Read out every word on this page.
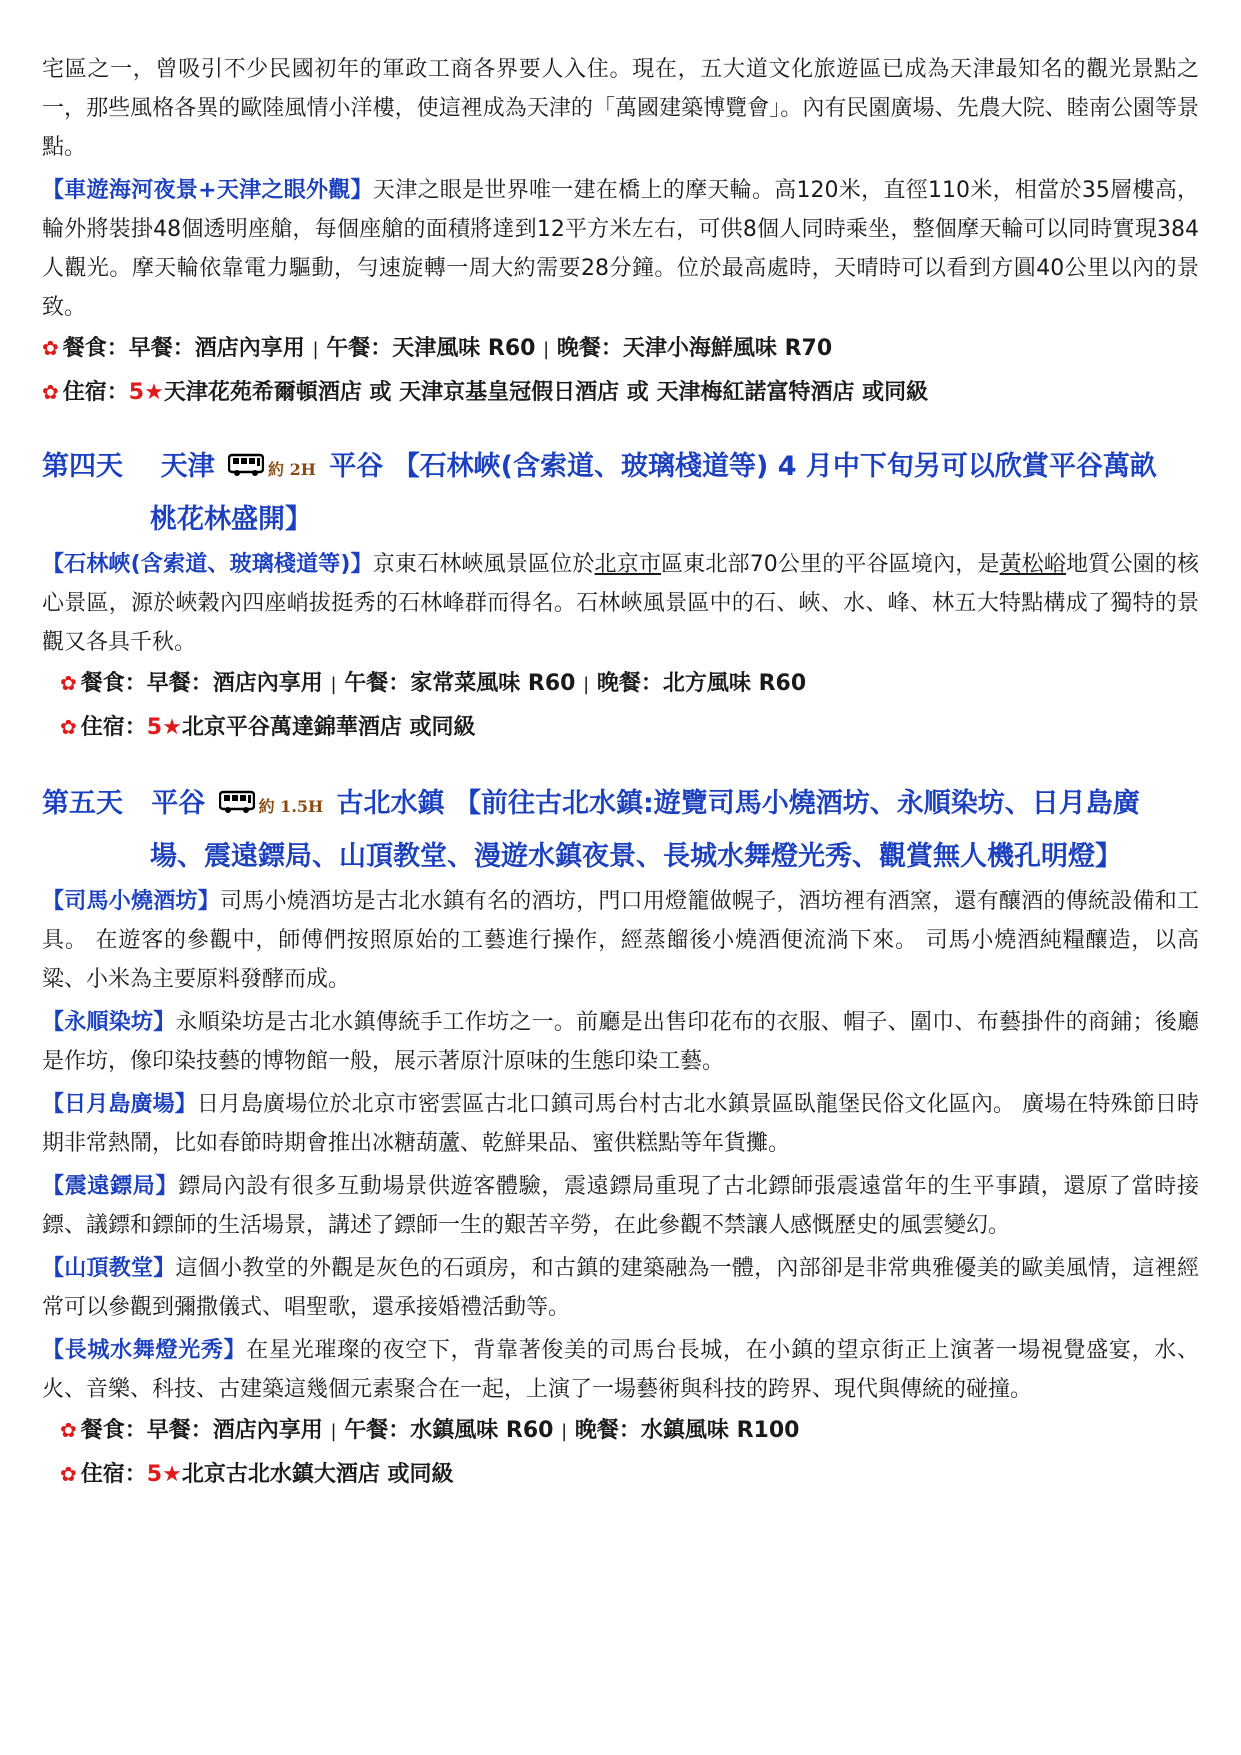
宅區之一，曾吸引不少民國初年的軍政工商各界要人入住。現在，五大道文化旅遊區已成為天津最知名的觀光景點之一，那些風格各異的歐陸風情小洋樓，使這裡成為天津的「萬國建築博覽會」。內有民園廣場、先農大院、睦南公園等景點。

【車遊海河夜景+天津之眼外觀】天津之眼是世界唯一建在橋上的摩天輪。高120米，直徑110米，相當於35層樓高，輪外將裝掛48個透明座艙，每個座艙的面積將達到12平方米左右，可供8個人同時乘坐，整個摩天輪可以同時實現384人觀光。摩天輪依靠電力驅動，勻速旋轉一周大約需要28分鐘。位於最高處時，天晴時可以看到方圓40公里以內的景致。

✿ 餐食：早餐：酒店內享用 | 午餐：天津風味 R60 | 晚餐：天津小海鮮風味 R70

✿ 住宿：5★天津花苑希爾頓酒店 或 天津京基皇冠假日酒店 或 天津梅紅諾富特酒店 或同級

第四天 天津	約 2H 平谷 【石林峽(含索道、玻璃棧道等) 4 月中下旬另可以欣賞平谷萬畝
桃花林盛開】

【石林峽(含索道、玻璃棧道等)】京東石林峽風景區位於北京市區東北部70公里的平谷區境內，是黃松峪地質公園的核心景區，源於峽穀內四座峭拔挺秀的石林峰群而得名。石林峽風景區中的石、峽、水、峰、林五大特點構成了獨特的景觀又各具千秋。

✿ 餐食：早餐：酒店內享用 | 午餐：家常菜風味 R60 | 晚餐：北方風味 R60

✿ 住宿：5★北京平谷萬達錦華酒店 或同級

第五天 平谷	約 1.5H 古北水鎮 【前往古北水鎮:遊覽司馬小燒酒坊、永順染坊、日月島廣
場、震遠鏢局、山頂教堂、漫遊水鎮夜景、長城水舞燈光秀、觀賞無人機孔明燈】

【司馬小燒酒坊】司馬小燒酒坊是古北水鎮有名的酒坊，門口用燈籠做幌子，酒坊裡有酒窯，還有釀酒的傳統設備和工具。 在遊客的參觀中，師傅們按照原始的工藝進行操作，經蒸餾後小燒酒便流淌下來。 司馬小燒酒純糧釀造，以高粱、小米為主要原料發酵而成。

【永順染坊】永順染坊是古北水鎮傳統手工作坊之一。前廳是出售印花布的衣服、帽子、圍巾、布藝掛件的商鋪；後廳是作坊，像印染技藝的博物館一般，展示著原汁原味的生態印染工藝。

【日月島廣場】日月島廣場位於北京市密雲區古北口鎮司馬台村古北水鎮景區臥龍堡民俗文化區內。 廣場在特殊節日時期非常熱鬧，比如春節時期會推出冰糖葫蘆、乾鮮果品、蜜供糕點等年貨攤。

【震遠鏢局】鏢局內設有很多互動場景供遊客體驗，震遠鏢局重現了古北鏢師張震遠當年的生平事蹟，還原了當時接鏢、議鏢和鏢師的生活場景，講述了鏢師一生的艱苦辛勞，在此參觀不禁讓人感慨歷史的風雲變幻。

【山頂教堂】這個小教堂的外觀是灰色的石頭房，和古鎮的建築融為一體，內部卻是非常典雅優美的歐美風情，這裡經常可以參觀到彌撒儀式、唱聖歌，還承接婚禮活動等。

【長城水舞燈光秀】在星光璀璨的夜空下，背靠著俊美的司馬台長城，在小鎮的望京街正上演著一場視覺盛宴，水、火、音樂、科技、古建築這幾個元素聚合在一起，上演了一場藝術與科技的跨界、現代與傳統的碰撞。

✿ 餐食：早餐：酒店內享用 | 午餐：水鎮風味 R60 | 晚餐：水鎮風味 R100

✿ 住宿：5★北京古北水鎮大酒店 或同級
